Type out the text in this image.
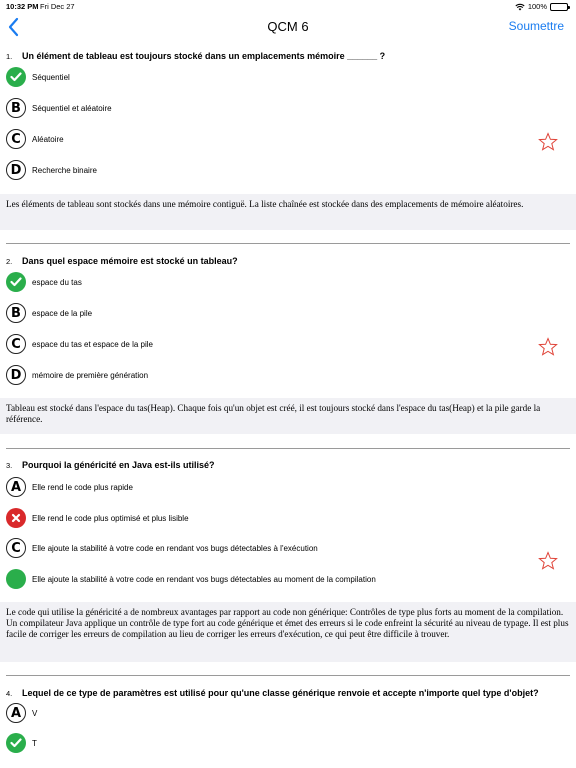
10:32 PM Fri Dec 27	100%
QCM 6	Soumettre
1.	Un élément de tableau est toujours stocké dans un emplacements mémoire ______ ?
Séquentiel
B	Séquentiel et aléatoire
C	Aléatoire
D	Recherche binaire
Les éléments de tableau sont stockés dans une mémoire contiguë. La liste chaînée est stockée dans des emplacements de mémoire aléatoires.
2.	Dans quel espace mémoire est stocké un tableau?
espace du tas
B	espace de la pile
C	espace du tas et espace de la pile
D	mémoire de première génération
Tableau est stocké dans l'espace du tas(Heap). Chaque fois qu'un objet est créé, il est toujours stocké dans l'espace du tas(Heap) et la pile garde la référence.
3.	Pourquoi la généricité en Java est-ils utilisé?
A	Elle rend le code plus rapide
Elle rend le code plus optimisé et plus lisible
C	Elle ajoute la stabilité à votre code en rendant vos bugs détectables à l'exécution
Elle ajoute la stabilité à votre code en rendant vos bugs détectables au moment de la compilation
Le code qui utilise la généricité a de nombreux avantages par rapport au code non générique: Contrôles de type plus forts au moment de la compilation. Un compilateur Java applique un contrôle de type fort au code générique et émet des erreurs si le code enfreint la sécurité au niveau de typage. Il est plus facile de corriger les erreurs de compilation au lieu de corriger les erreurs d'exécution, ce qui peut être difficile à trouver.
4.	Lequel de ce type de paramètres est utilisé pour qu'une classe générique renvoie et accepte n'importe quel type d'objet?
A	V
T
